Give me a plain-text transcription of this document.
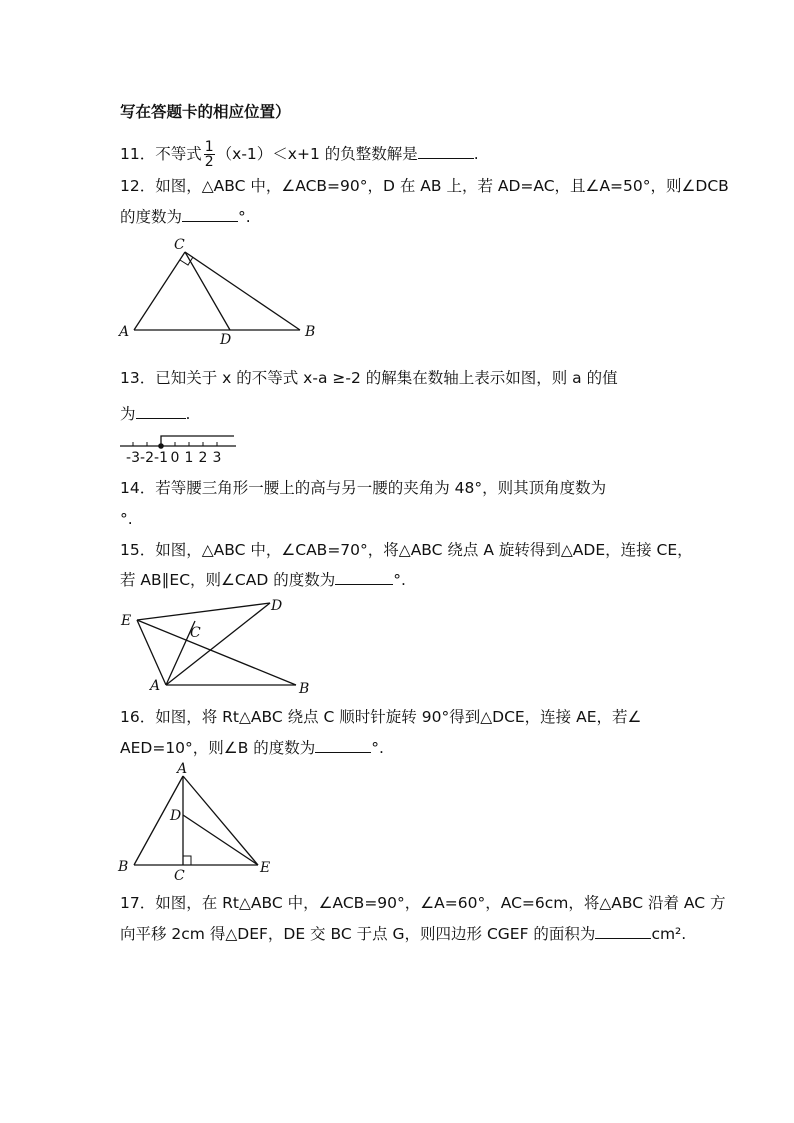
写在答题卡的相应位置）
11．不等式 $\frac{1}{2} (x-1)<x+1$ 的负整数解是	.
12．如图，△ABC 中，∠ACB=90°，D 在 AB 上，若 AD=AC，且∠A=50°，则∠DCB
的度数为	°.
C
A	D	B
13．已知关于 x 的不等式 x-a ≥-2 的解集在数轴上表示如图，则 a 的值
为	.
-3 -2 -1 0 1 2 3
14．若等腰三角形一腰上的高与另一腰的夹角为 48°，则其顶角度数为
°.
15．如图，△ABC 中，∠CAB=70°，将△ABC 绕点 A 旋转得到△ADE，连接 CE，
若 AB∥EC，则∠CAD 的度数为	°.
E
C
D
A	B
16．如图，将 Rt△ABC 绕点 C 顺时针旋转 90°得到△DCE，连接 AE，若∠
AED=10°，则∠B 的度数为	°.
A
D
B
C	E
17．如图，在 Rt△ABC 中，∠ACB=90°，∠A=60°，AC=6cm，将△ABC 沿着 AC 方
向平移 2cm 得△DEF，DE 交 BC 于点 G，则四边形 CGEF 的面积为	cm².
